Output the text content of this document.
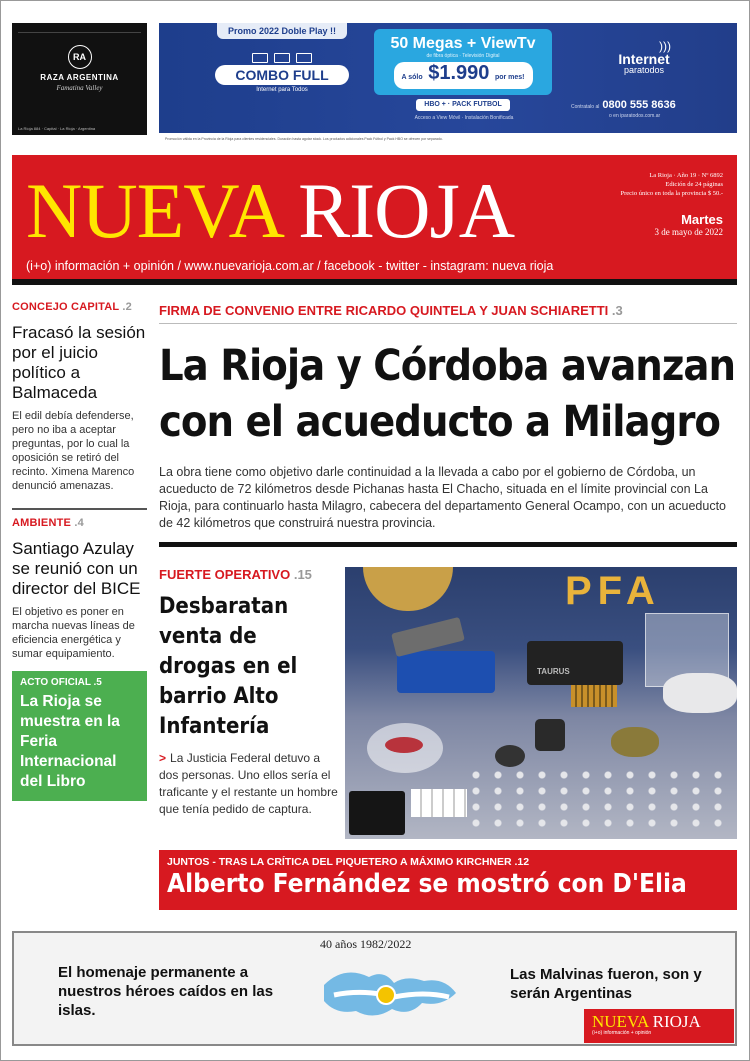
RA
RAZA ARGENTINA
Famatina Valley
La Rioja 884 · Capital · La Rioja · Argentina
Promo 2022 Doble Play !!
COMBO FULL
Internet para Todos
50 Megas + ViewTv
de fibra óptica · Televisión Digital
A sólo $1.990 por mes!
HBO + · PACK FUTBOL
Acceso a View Móvil · Instalación Bonificada
)))
Internet
paratodos
Contratalo al 0800 555 8636
o en iparatodos.com.ar
Promoción válida en la Provincia de la Rioja para clientes residenciales. Duración hasta agotar stock. Los productos adicionales Pack Fútbol y Pack HBO se ofrecen por separado.
NUEVA RIOJA	La Rioja · Año 19 · Nº 6892
Edición de 24 páginas
Precio único en toda la provincia $ 50.-
Martes
3 de mayo de 2022
(i+o) información + opinión / www.nuevarioja.com.ar / facebook - twitter - instagram: nueva rioja
CONCEJO CAPITAL .2
Fracasó la sesión por el juicio político a Balmaceda
El edil debía defenderse, pero no iba a aceptar preguntas, por lo cual la oposición se retiró del recinto. Ximena Marenco denunció amenazas.
AMBIENTE .4
Santiago Azulay se reunió con un director del BICE
El objetivo es poner en marcha nuevas líneas de eficiencia energética y sumar equipamiento.
ACTO OFICIAL .5
La Rioja se muestra en la Feria Internacional del Libro
FIRMA DE CONVENIO ENTRE RICARDO QUINTELA Y JUAN SCHIARETTI .3
La Rioja y Córdoba avanzan con el acueducto a Milagro
La obra tiene como objetivo darle continuidad a la llevada a cabo por el gobierno de Córdoba, un acueducto de 72 kilómetros desde Pichanas hasta El Chacho, situada en el límite provincial con La Rioja, para continuarlo hasta Milagro, cabecera del departamento General Ocampo, con un acueducto de 42 kilómetros que construirá nuestra provincia.
FUERTE OPERATIVO .15
Desbaratan venta de drogas en el barrio Alto Infantería
> La Justicia Federal detuvo a dos personas. Uno ellos sería el traficante y el restante un hombre que tenía pedido de captura.
PFA
TAURUS
JUNTOS - TRAS LA CRÍTICA DEL PIQUETERO A MÁXIMO KIRCHNER .12
Alberto Fernández se mostró con D'Elia
40 años 1982/2022
El homenaje permanente a nuestros héroes caídos en las islas.
Las Malvinas fueron, son y serán Argentinas
NUEVA RIOJA
(i+o) información + opinión
